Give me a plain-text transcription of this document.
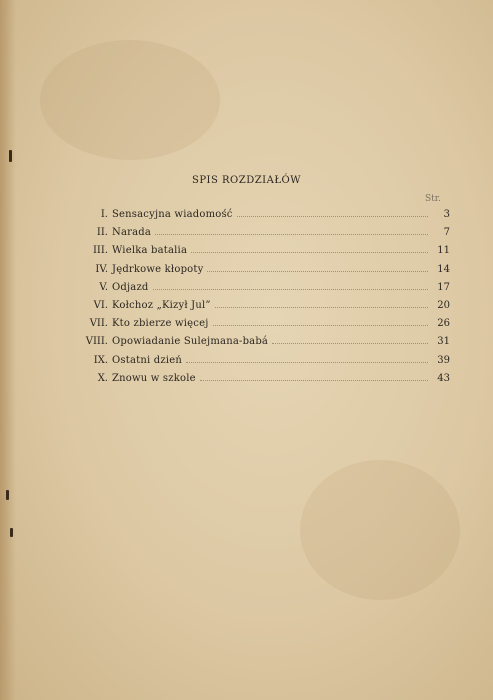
SPIS ROZDZIAŁÓW
Str.
I. Sensacyjna wiadomość	3
II. Narada	7
III. Wielka batalia	11
IV. Jędrkowe kłopoty	14
V. Odjazd	17
VI. Kołchoz „Kizył Jul”	20
VII. Kto zbierze więcej	26
VIII. Opowiadanie Sulejmana-babá	31
IX. Ostatni dzień	39
X. Znowu w szkole	43
